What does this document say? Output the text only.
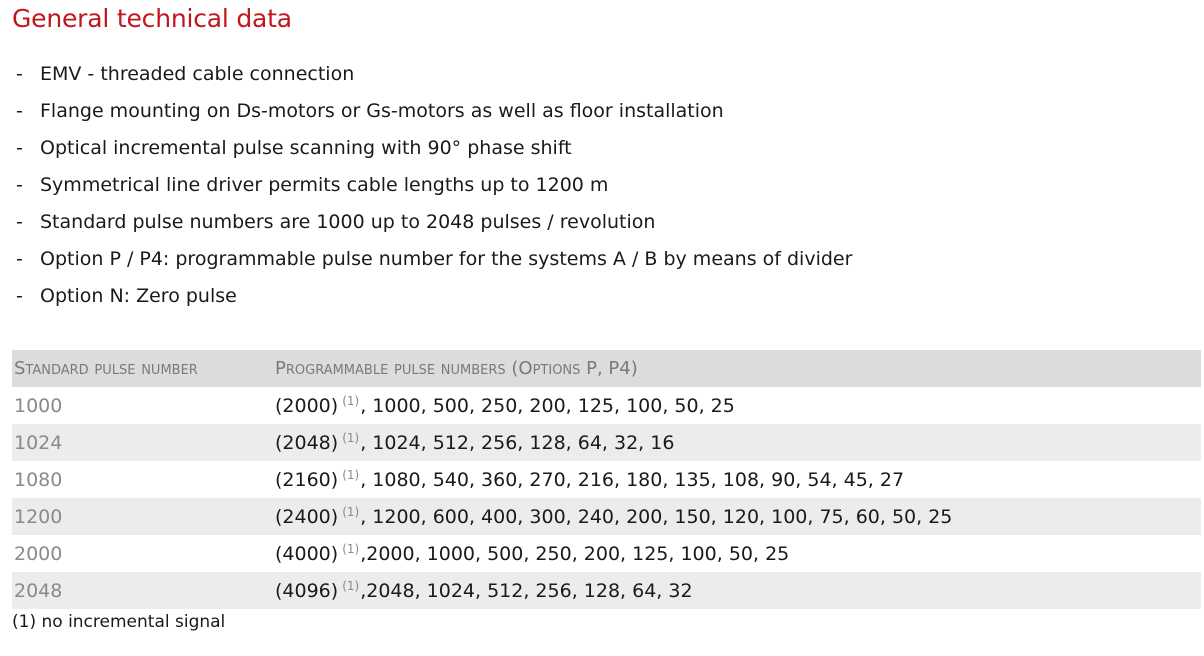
General technical data
- EMV - threaded cable connection
- Flange mounting on Ds-motors or Gs-motors as well as floor installation
- Optical incremental pulse scanning with 90° phase shift
- Symmetrical line driver permits cable lengths up to 1200 m
- Standard pulse numbers are 1000 up to 2048 pulses / revolution
- Option P / P4: programmable pulse number for the systems A / B by means of divider
- Option N: Zero pulse
Standard pulse number	Programmable pulse numbers (Options P, P4)
1000	(2000) $^{(1)}$, 1000, 500, 250, 200, 125, 100, 50, 25
1024	(2048) $^{(1)}$, 1024, 512, 256, 128, 64, 32, 16
1080	(2160) $^{(1)}$, 1080, 540, 360, 270, 216, 180, 135, 108, 90, 54, 45, 27
1200	(2400) $^{(1)}$, 1200, 600, 400, 300, 240, 200, 150, 120, 100, 75, 60, 50, 25
2000	(4000) $^{(1)}$,2000, 1000, 500, 250, 200, 125, 100, 50, 25
2048	(4096) $^{(1)}$,2048, 1024, 512, 256, 128, 64, 32
(1) no incremental signal
